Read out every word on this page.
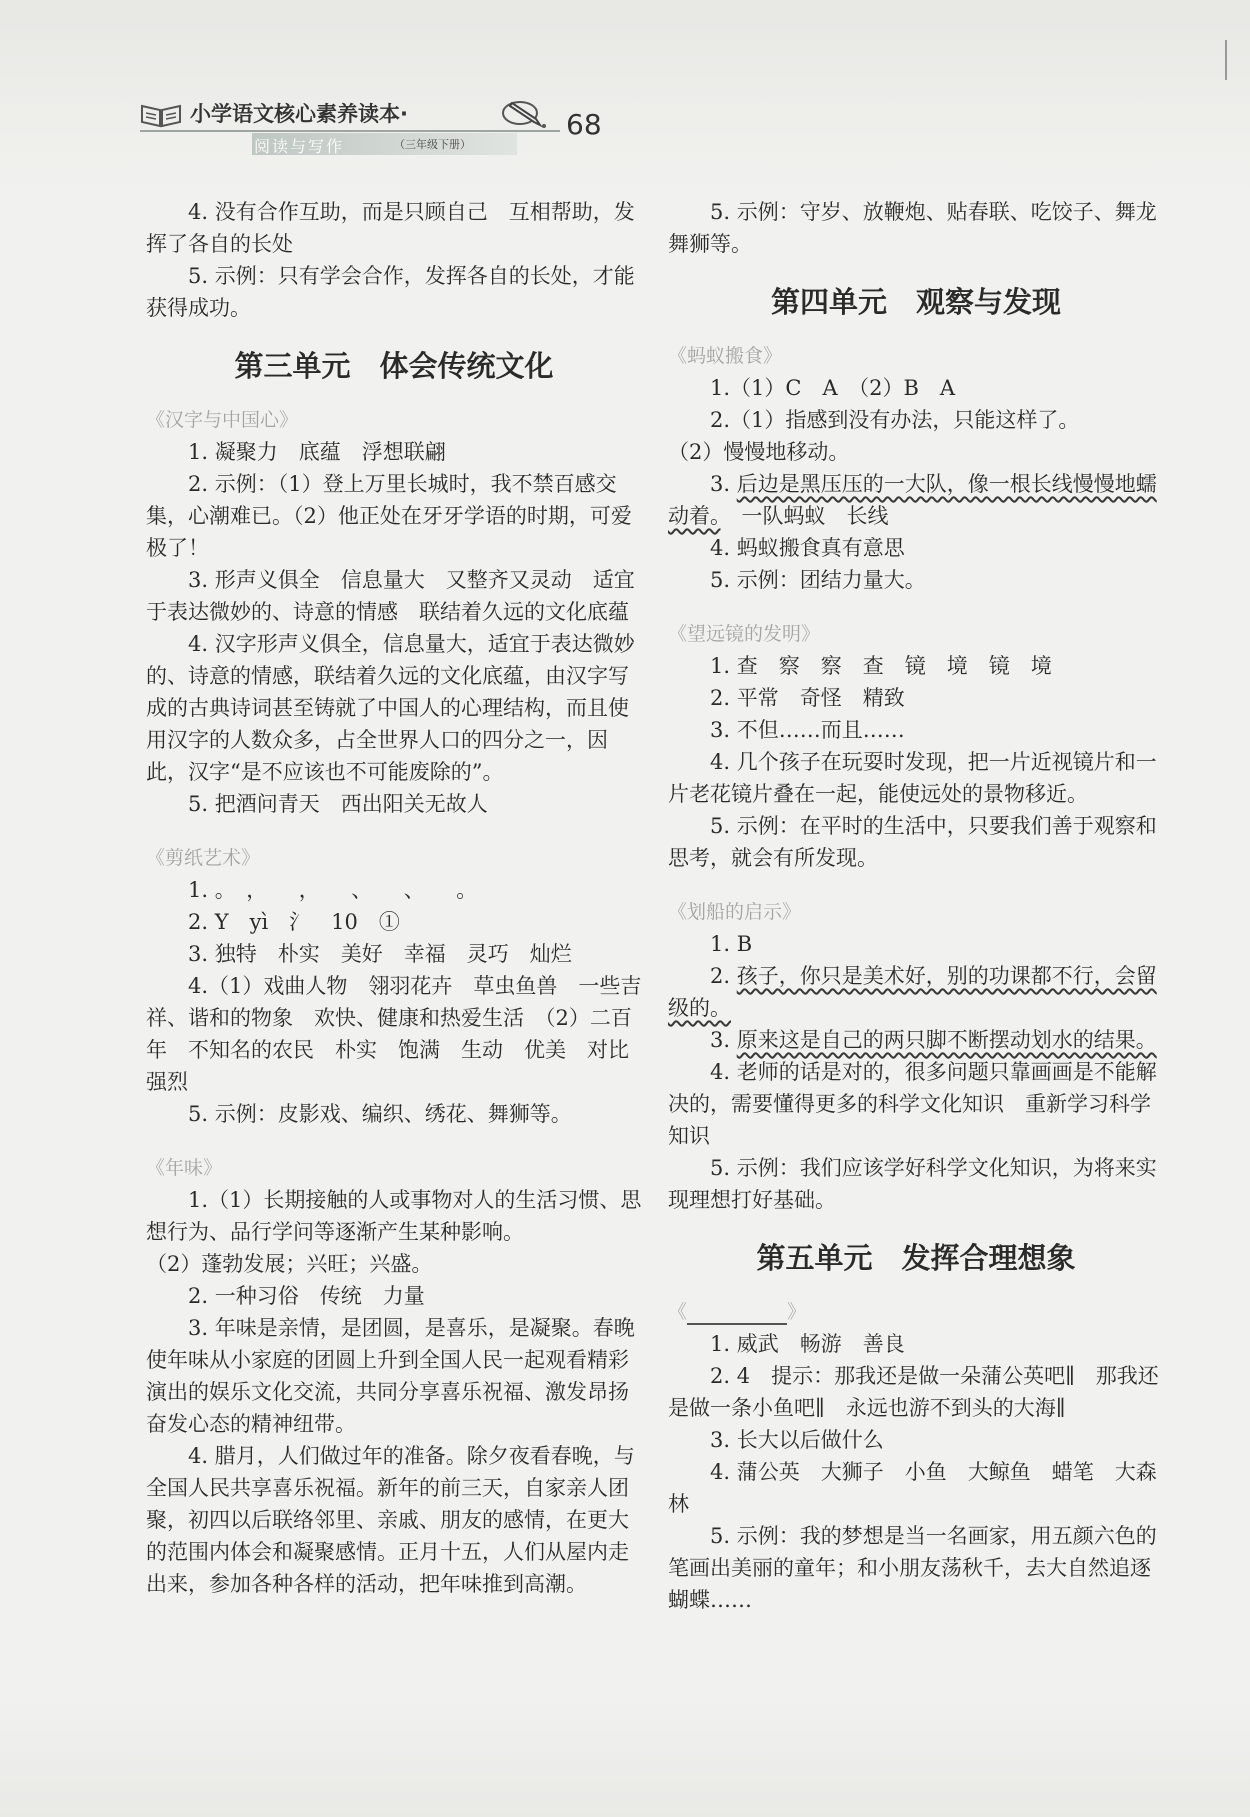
小学语文核心素养读本·
阅读与写作	（三年级下册）
68

4. 没有合作互助，而是只顾自己　互相帮助，发挥了各自的长处

5. 示例：只有学会合作，发挥各自的长处，才能获得成功。

第三单元　体会传统文化

《汉字与中国心》

1. 凝聚力　底蕴　浮想联翩

2. 示例：（1）登上万里长城时，我不禁百感交集，心潮难已。（2）他正处在牙牙学语的时期，可爱极了！

3. 形声义俱全　信息量大　又整齐又灵动　适宜于表达微妙的、诗意的情感　联结着久远的文化底蕴

4. 汉字形声义俱全，信息量大，适宜于表达微妙的、诗意的情感，联结着久远的文化底蕴，由汉字写成的古典诗词甚至铸就了中国人的心理结构，而且使用汉字的人数众多，占全世界人口的四分之一，因此，汉字“是不应该也不可能废除的”。

5. 把酒问青天　西出阳关无故人

《剪纸艺术》

1. 。　，　　，　　、　　、　　。

2. Y　yì　氵　10　①

3. 独特　朴实　美好　幸福　灵巧　灿烂

4.（1）戏曲人物　翎羽花卉　草虫鱼兽　一些吉祥、谐和的物象　欢快、健康和热爱生活　（2）二百年　不知名的农民　朴实　饱满　生动　优美　对比强烈

5. 示例：皮影戏、编织、绣花、舞狮等。

《年味》

1.（1）长期接触的人或事物对人的生活习惯、思想行为、品行学问等逐渐产生某种影响。

（2）蓬勃发展；兴旺；兴盛。

2. 一种习俗　传统　力量

3. 年味是亲情，是团圆，是喜乐，是凝聚。春晚使年味从小家庭的团圆上升到全国人民一起观看精彩演出的娱乐文化交流，共同分享喜乐祝福、激发昂扬奋发心态的精神纽带。

4. 腊月，人们做过年的准备。除夕夜看春晚，与全国人民共享喜乐祝福。新年的前三天，自家亲人团聚，初四以后联络邻里、亲戚、朋友的感情，在更大的范围内体会和凝聚感情。正月十五，人们从屋内走出来，参加各种各样的活动，把年味推到高潮。

5. 示例：守岁、放鞭炮、贴春联、吃饺子、舞龙舞狮等。

第四单元　观察与发现

《蚂蚁搬食》

1.（1）C　A　（2）B　A

2.（1）指感到没有办法，只能这样了。

（2）慢慢地移动。

3. 后边是黑压压的一大队，像一根长线慢慢地蠕动着。　一队蚂蚁　长线

4. 蚂蚁搬食真有意思

5. 示例：团结力量大。

《望远镜的发明》

1. 查　察　察　查　镜　境　镜　境

2. 平常　奇怪　精致

3. 不但……而且……

4. 几个孩子在玩耍时发现，把一片近视镜片和一片老花镜片叠在一起，能使远处的景物移近。

5. 示例：在平时的生活中，只要我们善于观察和思考，就会有所发现。

《划船的启示》

1. B

2. 孩子，你只是美术好，别的功课都不行，会留级的。

3. 原来这是自己的两只脚不断摆动划水的结果。

4. 老师的话是对的，很多问题只靠画画是不能解决的，需要懂得更多的科学文化知识　重新学习科学知识

5. 示例：我们应该学好科学文化知识，为将来实现理想打好基础。

第五单元　发挥合理想象

《	》

1. 威武　畅游　善良

2. 4　提示：那我还是做一朵蒲公英吧∥　那我还是做一条小鱼吧∥　永远也游不到头的大海∥

3. 长大以后做什么

4. 蒲公英　大狮子　小鱼　大鲸鱼　蜡笔　大森林

5. 示例：我的梦想是当一名画家，用五颜六色的笔画出美丽的童年；和小朋友荡秋千，去大自然追逐蝴蝶……
